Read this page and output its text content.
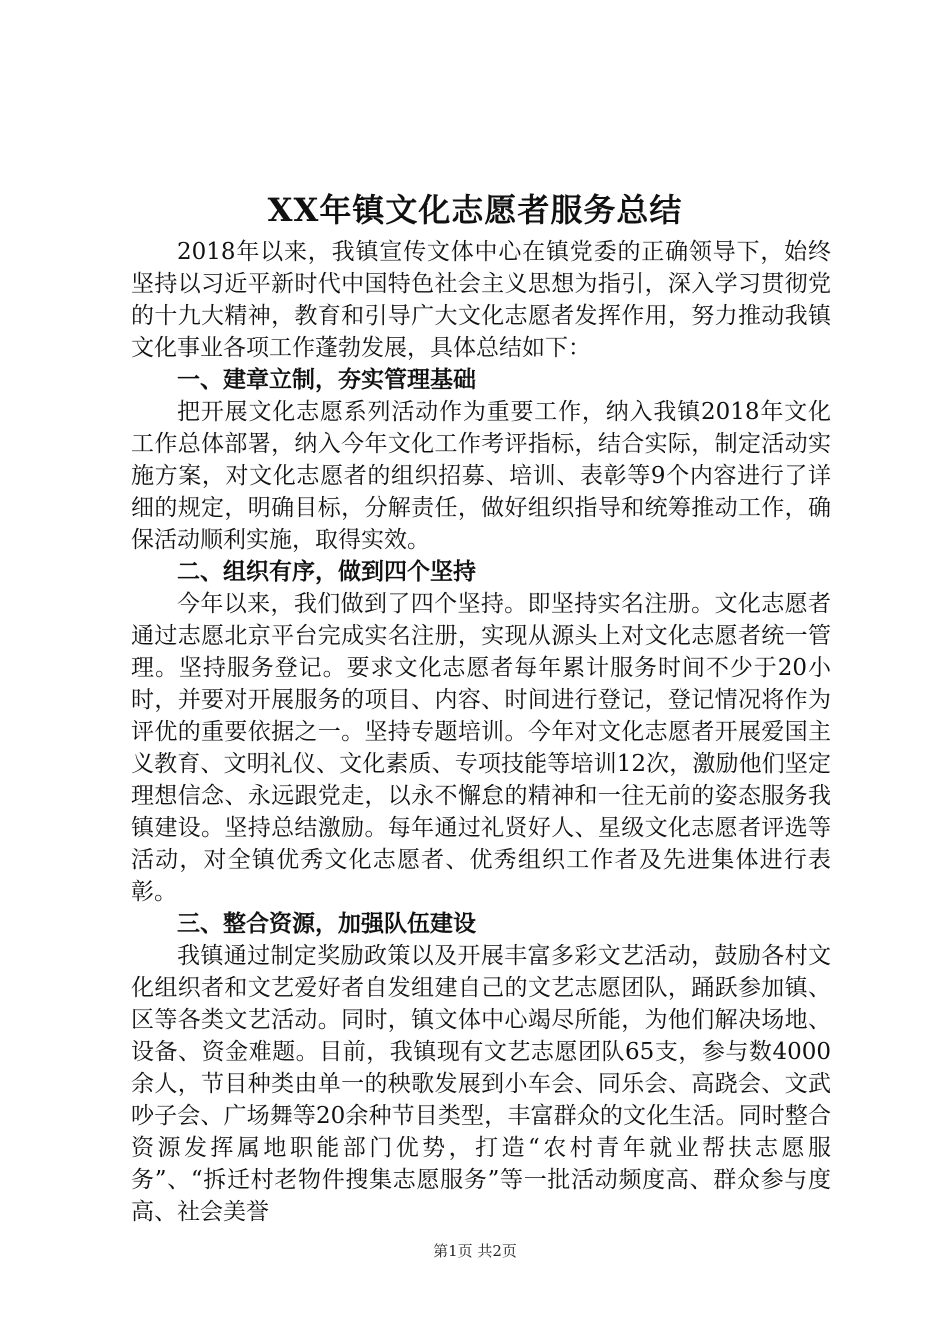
XX年镇文化志愿者服务总结

2018年以来，我镇宣传文体中心在镇党委的正确领导下，始终坚持以习近平新时代中国特色社会主义思想为指引，深入学习贯彻党的十九大精神，教育和引导广大文化志愿者发挥作用，努力推动我镇文化事业各项工作蓬勃发展，具体总结如下：

一、建章立制，夯实管理基础

把开展文化志愿系列活动作为重要工作，纳入我镇2018年文化工作总体部署，纳入今年文化工作考评指标，结合实际，制定活动实施方案，对文化志愿者的组织招募、培训、表彰等9个内容进行了详细的规定，明确目标，分解责任，做好组织指导和统筹推动工作，确保活动顺利实施，取得实效。

二、组织有序，做到四个坚持

今年以来，我们做到了四个坚持。即坚持实名注册。文化志愿者通过志愿北京平台完成实名注册，实现从源头上对文化志愿者统一管理。坚持服务登记。要求文化志愿者每年累计服务时间不少于20小时，并要对开展服务的项目、内容、时间进行登记，登记情况将作为评优的重要依据之一。坚持专题培训。今年对文化志愿者开展爱国主义教育、文明礼仪、文化素质、专项技能等培训12次，激励他们坚定理想信念、永远跟党走，以永不懈怠的精神和一往无前的姿态服务我镇建设。坚持总结激励。每年通过礼贤好人、星级文化志愿者评选等活动，对全镇优秀文化志愿者、优秀组织工作者及先进集体进行表彰。

三、整合资源，加强队伍建设

我镇通过制定奖励政策以及开展丰富多彩文艺活动，鼓励各村文化组织者和文艺爱好者自发组建自己的文艺志愿团队，踊跃参加镇、区等各类文艺活动。同时，镇文体中心竭尽所能，为他们解决场地、设备、资金难题。目前，我镇现有文艺志愿团队65支，参与数4000余人，节目种类由单一的秧歌发展到小车会、同乐会、高跷会、文武吵子会、广场舞等20余种节目类型，丰富群众的文化生活。同时整合资源发挥属地职能部门优势，打造“农村青年就业帮扶志愿服务”、“拆迁村老物件搜集志愿服务”等一批活动频度高、群众参与度高、社会美誉

第1页 共2页
